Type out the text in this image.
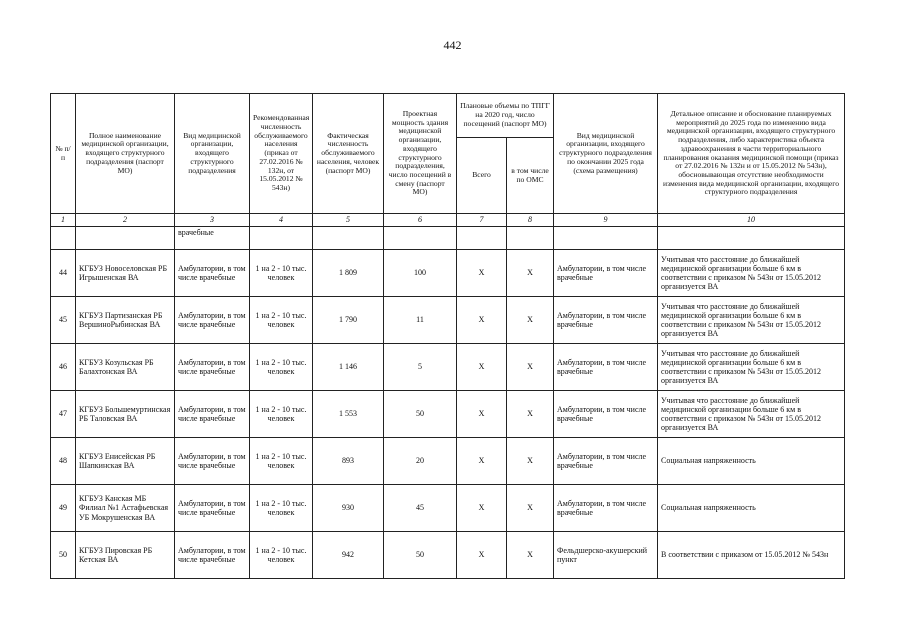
442
№ п/п	Полное наименование медицинской организации, входящего структурного подразделения (паспорт МО)	Вид медицинской организации, входящего структурного подразделения	Рекомендованная численность обслуживаемого населения (приказ от 27.02.2016 № 132н, от 15.05.2012 № 543н)	Фактическая численность обслуживаемого населения, человек (паспорт МО)	Проектная мощность здания медицинской организации, входящего структурного подразделения, число посещений в смену (паспорт МО)	Плановые объемы по ТПГГ на 2020 год, число посещений (паспорт МО)		Вид медицинской организации, входящего структурного подразделения по окончании 2025 года (схема размещения)	Детальное описание и обоснование планируемых мероприятий до 2025 года по изменению вида медицинской организации, входящего структурного подразделения, либо характеристика объекта здравоохранения в части территориального планирования оказания медицинской помощи (приказ от 27.02.2016 № 132н и от 15.05.2012 № 543н), обосновывающая отсутствие необходимости изменения вида медицинской организации, входящего структурного подразделения
						Всего	в том числе по ОМС		
1	2	3	4	5	6	7	8	9	10
		врачебные							
44	КГБУЗ Новоселовская РБ Игрышенская ВА	Амбулатории, в том числе врачебные	1 на 2 - 10 тыс. человек	1 809	100	X	X	Амбулатории, в том числе врачебные	Учитывая что расстояние до ближайшей медицинской организации больше 6 км в соответствии с приказом № 543н от 15.05.2012 организуется ВА
45	КГБУЗ Партизанская РБ ВершиноРыбинская ВА	Амбулатории, в том числе врачебные	1 на 2 - 10 тыс. человек	1 790	11	X	X	Амбулатории, в том числе врачебные	Учитывая что расстояние до ближайшей медицинской организации больше 6 км в соответствии с приказом № 543н от 15.05.2012 организуется ВА
46	КГБУЗ Козульская РБ Балахтонская ВА	Амбулатории, в том числе врачебные	1 на 2 - 10 тыс. человек	1 146	5	X	X	Амбулатории, в том числе врачебные	Учитывая что расстояние до ближайшей медицинской организации больше 6 км в соответствии с приказом № 543н от 15.05.2012 организуется ВА
47	КГБУЗ Большемуртинская РБ Таловская ВА	Амбулатории, в том числе врачебные	1 на 2 - 10 тыс. человек	1 553	50	X	X	Амбулатории, в том числе врачебные	Учитывая что расстояние до ближайшей медицинской организации больше 6 км в соответствии с приказом № 543н от 15.05.2012 организуется ВА
48	КГБУЗ Енисейская РБ Шапкинская ВА	Амбулатории, в том числе врачебные	1 на 2 - 10 тыс. человек	893	20	X	X	Амбулатории, в том числе врачебные	Социальная напряженность
49	КГБУЗ Канская МБ Филиал №1 Астафьевская УБ Мокрушенская ВА	Амбулатории, в том числе врачебные	1 на 2 - 10 тыс. человек	930	45	X	X	Амбулатории, в том числе врачебные	Социальная напряженность
50	КГБУЗ Пировская РБ Кетская ВА	Амбулатории, в том числе врачебные	1 на 2 - 10 тыс. человек	942	50	X	X	Фельдшерско-акушерский пункт	В соответствии с приказом от 15.05.2012 № 543н
